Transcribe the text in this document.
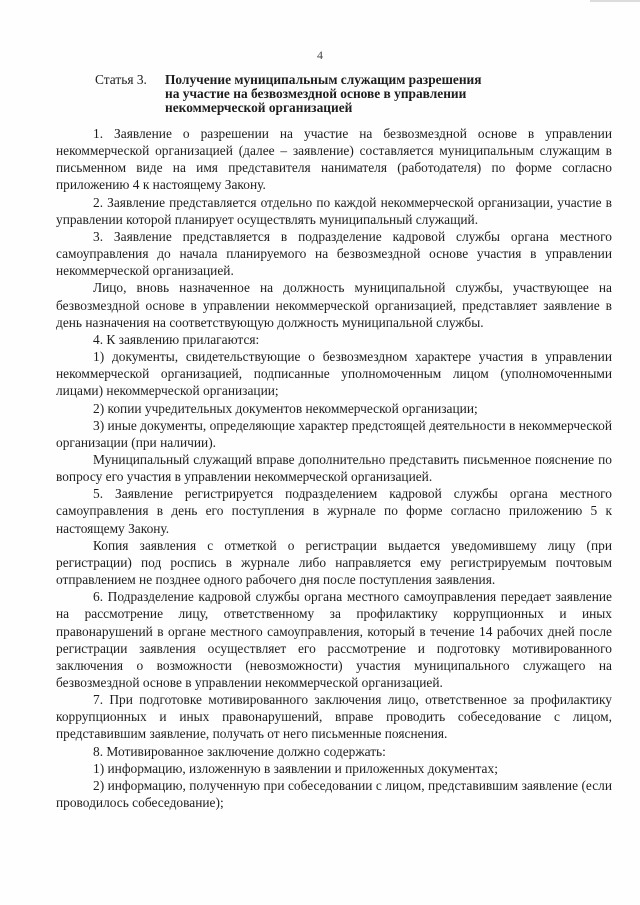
4
Статья 3. Получение муниципальным служащим разрешения
на участие на безвозмездной основе в управлении
некоммерческой организацией

1. Заявление о разрешении на участие на безвозмездной основе в управлении некоммерческой организацией (далее – заявление) составляется муниципальным служащим в письменном виде на имя представителя нанимателя (работодателя) по форме согласно приложению 4 к настоящему Закону.

2. Заявление представляется отдельно по каждой некоммерческой организации, участие в управлении которой планирует осуществлять муниципальный служащий.

3. Заявление представляется в подразделение кадровой службы органа местного самоуправления до начала планируемого на безвозмездной основе участия в управлении некоммерческой организацией.

Лицо, вновь назначенное на должность муниципальной службы, участвующее на безвозмездной основе в управлении некоммерческой организацией, представляет заявление в день назначения на соответствующую должность муниципальной службы.

4. К заявлению прилагаются:

1) документы, свидетельствующие о безвозмездном характере участия в управлении некоммерческой организацией, подписанные уполномоченным лицом (уполномоченными лицами) некоммерческой организации;

2) копии учредительных документов некоммерческой организации;

3) иные документы, определяющие характер предстоящей деятельности в некоммерческой организации (при наличии).

Муниципальный служащий вправе дополнительно представить письменное пояснение по вопросу его участия в управлении некоммерческой организацией.

5. Заявление регистрируется подразделением кадровой службы органа местного самоуправления в день его поступления в журнале по форме согласно приложению 5 к настоящему Закону.

Копия заявления с отметкой о регистрации выдается уведомившему лицу (при регистрации) под роспись в журнале либо направляется ему регистрируемым почтовым отправлением не позднее одного рабочего дня после поступления заявления.

6. Подразделение кадровой службы органа местного самоуправления передает заявление на рассмотрение лицу, ответственному за профилактику коррупционных и иных правонарушений в органе местного самоуправления, который в течение 14 рабочих дней после регистрации заявления осуществляет его рассмотрение и подготовку мотивированного заключения о возможности (невозможности) участия муниципального служащего на безвозмездной основе в управлении некоммерческой организацией.

7. При подготовке мотивированного заключения лицо, ответственное за профилактику коррупционных и иных правонарушений, вправе проводить собеседование с лицом, представившим заявление, получать от него письменные пояснения.

8. Мотивированное заключение должно содержать:

1) информацию, изложенную в заявлении и приложенных документах;

2) информацию, полученную при собеседовании с лицом, представившим заявление (если проводилось собеседование);
